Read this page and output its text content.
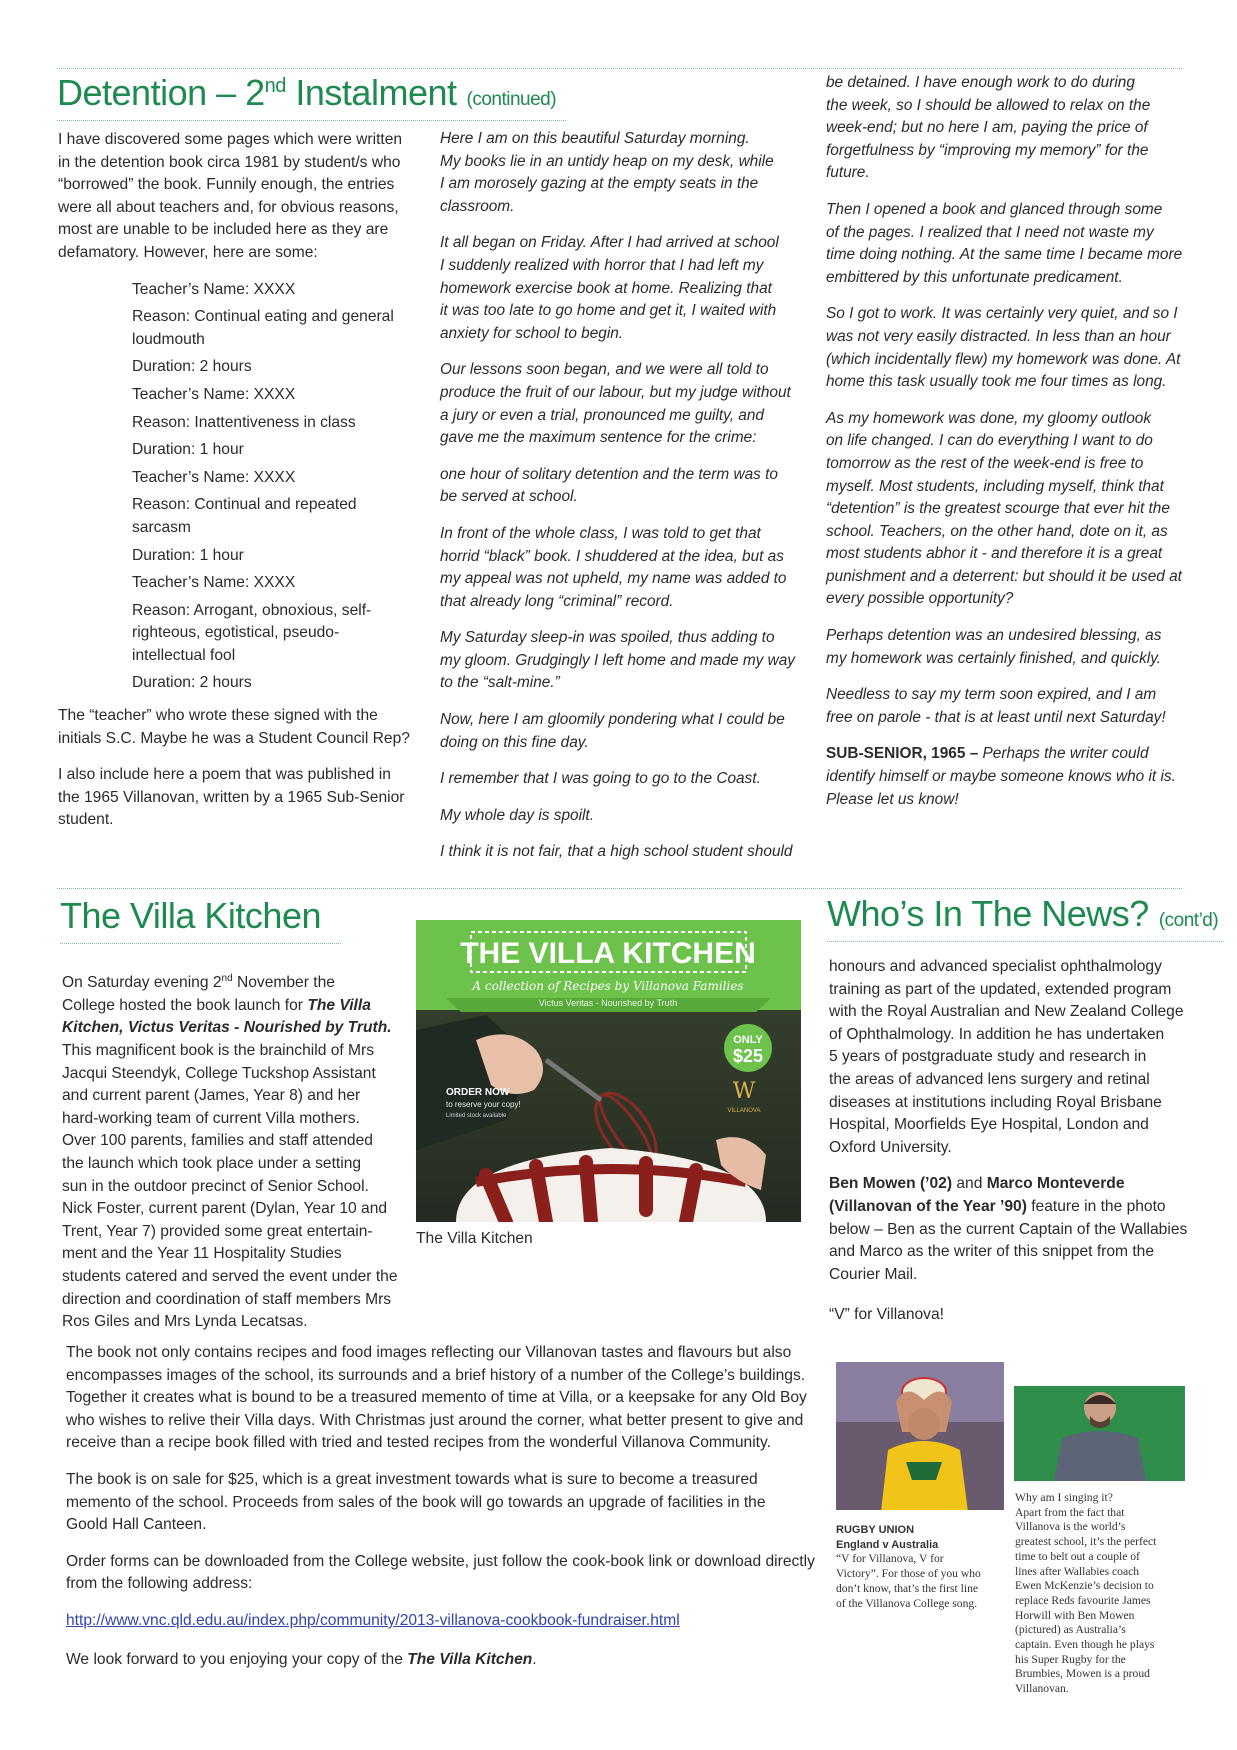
Detention – 2nd Instalment (continued)

I have discovered some pages which were written
in the detention book circa 1981 by student/s who
“borrowed” the book. Funnily enough, the entries
were all about teachers and, for obvious reasons,
most are unable to be included here as they are
defamatory. However, here are some:

Teacher’s Name: XXXX
Reason: Continual eating and general
loudmouth
Duration: 2 hours
Teacher’s Name: XXXX
Reason: Inattentiveness in class
Duration: 1 hour
Teacher’s Name: XXXX
Reason: Continual and repeated
sarcasm
Duration: 1 hour
Teacher’s Name: XXXX
Reason: Arrogant, obnoxious, self-
righteous, egotistical, pseudo-
intellectual fool
Duration: 2 hours

The “teacher” who wrote these signed with the
initials S.C. Maybe he was a Student Council Rep?

I also include here a poem that was published in
the 1965 Villanovan, written by a 1965 Sub-Senior
student.

Here I am on this beautiful Saturday morning.
My books lie in an untidy heap on my desk, while
I am morosely gazing at the empty seats in the
classroom.

It all began on Friday. After I had arrived at school
I suddenly realized with horror that I had left my
homework exercise book at home. Realizing that
it was too late to go home and get it, I waited with
anxiety for school to begin.

Our lessons soon began, and we were all told to
produce the fruit of our labour, but my judge without
a jury or even a trial, pronounced me guilty, and
gave me the maximum sentence for the crime:

one hour of solitary detention and the term was to
be served at school.

In front of the whole class, I was told to get that
horrid “black” book. I shuddered at the idea, but as
my appeal was not upheld, my name was added to
that already long “criminal” record.

My Saturday sleep-in was spoiled, thus adding to
my gloom. Grudgingly I left home and made my way
to the “salt-mine.”

Now, here I am gloomily pondering what I could be
doing on this fine day.

I remember that I was going to go to the Coast.

My whole day is spoilt.

I think it is not fair, that a high school student should

be detained. I have enough work to do during
the week, so I should be allowed to relax on the
week-end; but no here I am, paying the price of
forgetfulness by “improving my memory” for the
future.

Then I opened a book and glanced through some
of the pages. I realized that I need not waste my
time doing nothing. At the same time I became more
embittered by this unfortunate predicament.

So I got to work. It was certainly very quiet, and so I
was not very easily distracted. In less than an hour
(which incidentally flew) my homework was done. At
home this task usually took me four times as long.

As my homework was done, my gloomy outlook
on life changed. I can do everything I want to do
tomorrow as the rest of the week-end is free to
myself. Most students, including myself, think that
“detention” is the greatest scourge that ever hit the
school. Teachers, on the other hand, dote on it, as
most students abhor it - and therefore it is a great
punishment and a deterrent: but should it be used at
every possible opportunity?

Perhaps detention was an undesired blessing, as
my homework was certainly finished, and quickly.

Needless to say my term soon expired, and I am
free on parole - that is at least until next Saturday!

SUB-SENIOR, 1965 – Perhaps the writer could
identify himself or maybe someone knows who it is.
Please let us know!

The Villa Kitchen
On Saturday evening 2nd November the
College hosted the book launch for The Villa Kitchen, Victus Veritas - Nourished by Truth.
This magnificent book is the brainchild of Mrs
Jacqui Steendyk, College Tuckshop Assistant
and current parent (James, Year 8) and her
hard-working team of current Villa mothers.
Over 100 parents, families and staff attended
the launch which took place under a setting
sun in the outdoor precinct of Senior School.
Nick Foster, current parent (Dylan, Year 10 and
Trent, Year 7) provided some great entertain-
ment and the Year 11 Hospitality Studies
students catered and served the event under the
direction and coordination of staff members Mrs
Ros Giles and Mrs Lynda Lecatsas.
THE VILLA KITCHEN
A collection of Recipes by Villanova Families
Victus Veritas - Nourished by Truth
ONLY
$25
W
VILLANOVA
ORDER NOW
to reserve your copy!
Limited stock available
The Villa Kitchen

The book not only contains recipes and food images reflecting our Villanovan tastes and flavours but also
encompasses images of the school, its surrounds and a brief history of a number of the College’s buildings.
Together it creates what is bound to be a treasured memento of time at Villa, or a keepsake for any Old Boy
who wishes to relive their Villa days. With Christmas just around the corner, what better present to give and
receive than a recipe book filled with tried and tested recipes from the wonderful Villanova Community.

The book is on sale for $25, which is a great investment towards what is sure to become a treasured
memento of the school. Proceeds from sales of the book will go towards an upgrade of facilities in the
Goold Hall Canteen.

Order forms can be downloaded from the College website, just follow the cook-book link or download directly
from the following address:

http://www.vnc.qld.edu.au/index.php/community/2013-villanova-cookbook-fundraiser.html

We look forward to you enjoying your copy of the The Villa Kitchen.

Who’s In The News? (cont’d)

honours and advanced specialist ophthalmology
training as part of the updated, extended program
with the Royal Australian and New Zealand College
of Ophthalmology. In addition he has undertaken
5 years of postgraduate study and research in
the areas of advanced lens surgery and retinal
diseases at institutions including Royal Brisbane
Hospital, Moorfields Eye Hospital, London and
Oxford University.

Ben Mowen (’02) and Marco Monteverde
(Villanovan of the Year ’90) feature in the photo
below – Ben as the current Captain of the Wallabies
and Marco as the writer of this snippet from the
Courier Mail.

“V” for Villanova!

RUGBY UNION
England v Australia
“V for Villanova, V for
Victory”. For those of you who
don’t know, that’s the first line
of the Villanova College song.
Why am I singing it?
Apart from the fact that
Villanova is the world’s
greatest school, it’s the perfect
time to belt out a couple of
lines after Wallabies coach
Ewen McKenzie’s decision to
replace Reds favourite James
Horwill with Ben Mowen
(pictured) as Australia’s
captain. Even though he plays
his Super Rugby for the
Brumbies, Mowen is a proud
Villanovan.
